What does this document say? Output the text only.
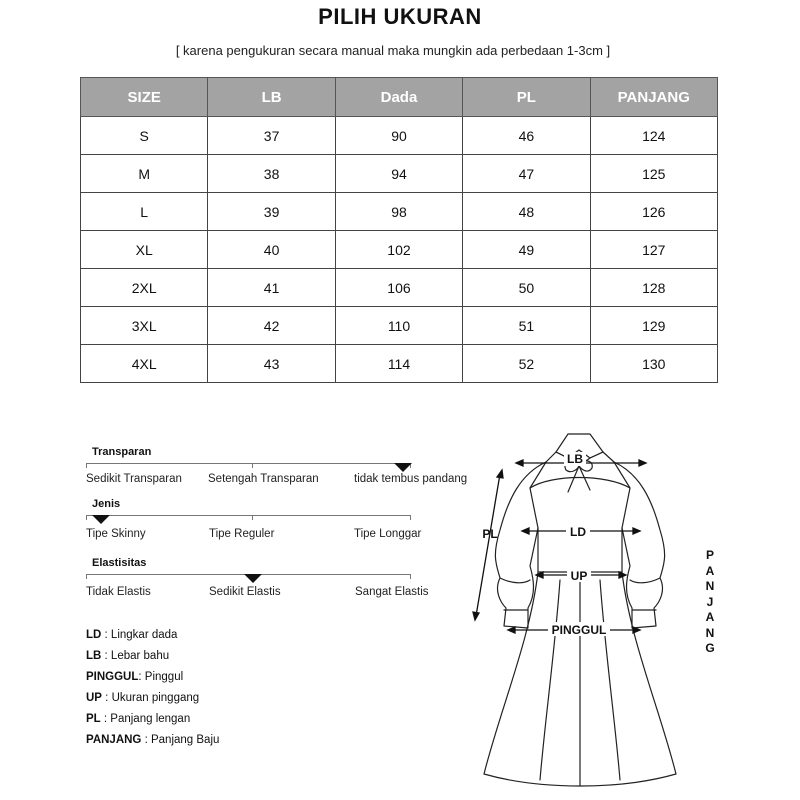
PILIH UKURAN
[ karena pengukuran secara manual maka mungkin ada perbedaan 1-3cm ]
SIZE	LB	Dada	PL	PANJANG
S	37	90	46	124
M	38	94	47	125
L	39	98	48	126
XL	40	102	49	127
2XL	41	106	50	128
3XL	42	110	51	129
4XL	43	114	52	130
Transparan
Sedikit Transparan Setengah Transparan	tidak tembus pandang
Jenis
Tipe Skinny	Tipe Reguler	Tipe Longgar
Elastisitas
Tidak Elastis	Sedikit Elastis	Sangat Elastis
LD : Lingkar dada
LB : Lebar bahu
PINGGUL: Pinggul
UP : Ukuran pinggang
PL : Panjang lengan
PANJANG : Panjang Baju
LB
LD
UP
PINGGUL
PL
P
A
N
J
A
N
G
